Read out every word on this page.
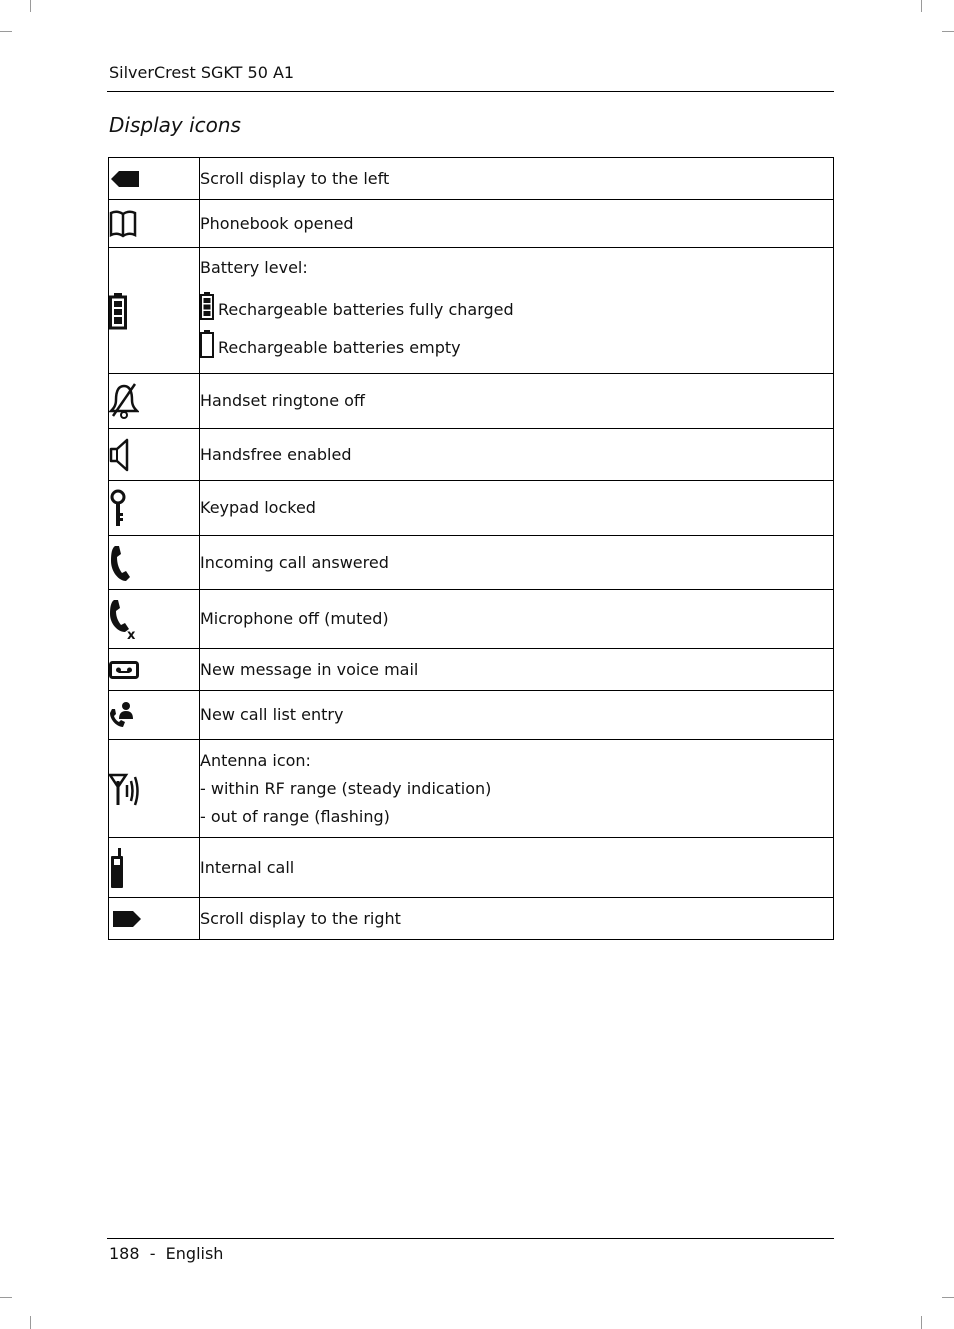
SilverCrest SGKT 50 A1
Display icons
	Scroll display to the left

	Phonebook opened

Battery level:
Rechargeable batteries fully charged
Rechargeable batteries empty

	Handset ringtone off

	Handsfree enabled

	Keypad locked

	Incoming call answered

x	Microphone off (muted)

	New message in voice mail

	New call list entry

Antenna icon:
- within RF range (steady indication)
- out of range (flashing)

	Internal call

	Scroll display to the right
188 - English
